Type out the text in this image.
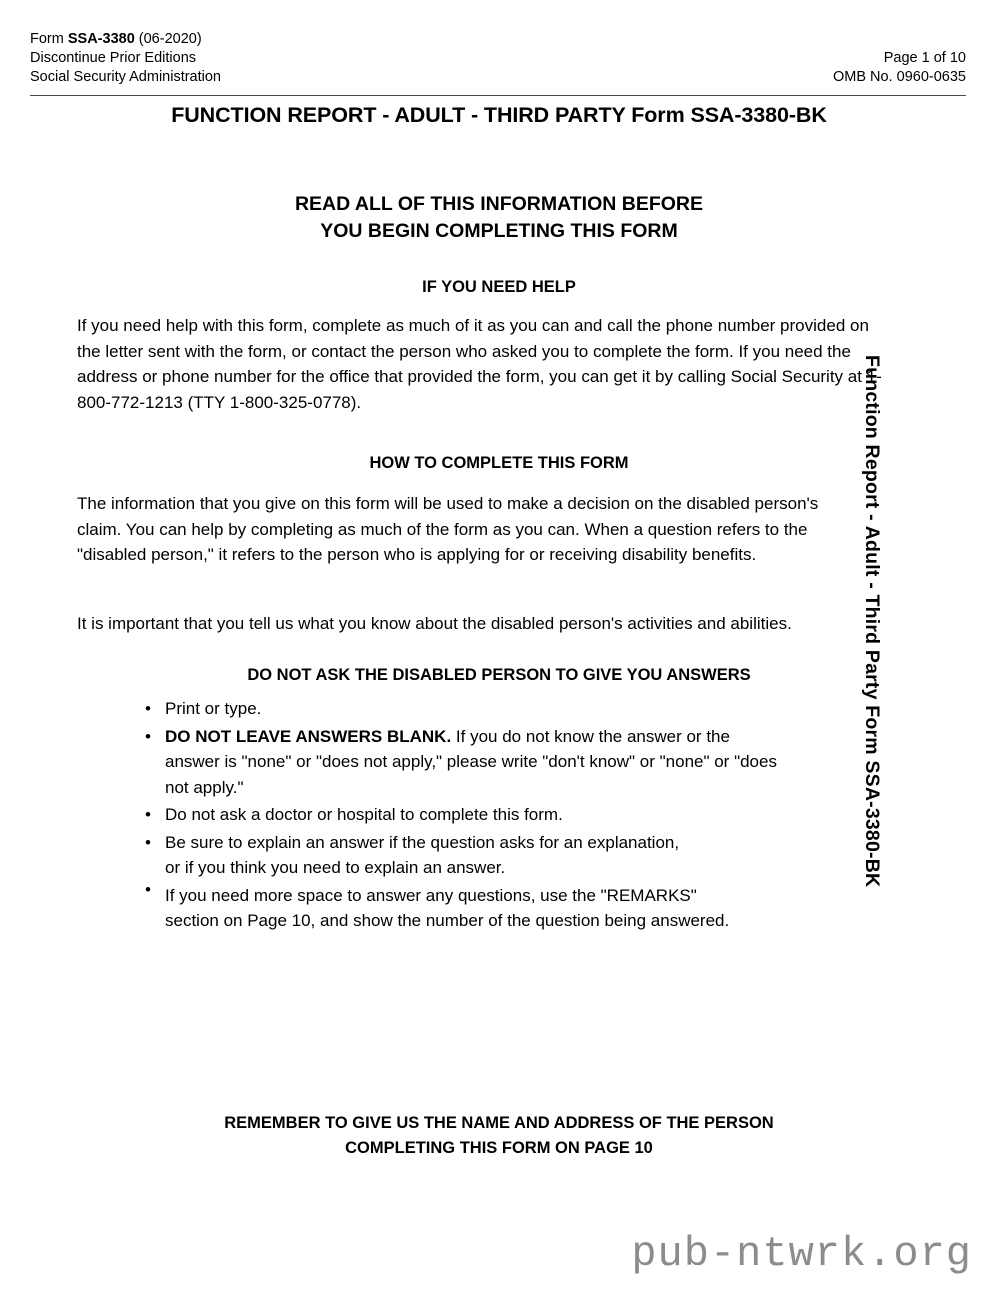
Form SSA-3380 (06-2020)
Discontinue Prior Editions	Page 1 of 10
Social Security Administration	OMB No. 0960-0635
FUNCTION REPORT - ADULT - THIRD PARTY Form SSA-3380-BK
READ ALL OF THIS INFORMATION BEFORE
YOU BEGIN COMPLETING THIS FORM
IF YOU NEED HELP
If you need help with this form, complete as much of it as you can and call the phone number provided on the letter sent with the form, or contact the person who asked you to complete the form. If you need the address or phone number for the office that provided the form, you can get it by calling Social Security at 1-800-772-1213 (TTY 1-800-325-0778).
HOW TO COMPLETE THIS FORM
The information that you give on this form will be used to make a decision on the disabled person's claim. You can help by completing as much of the form as you can. When a question refers to the "disabled person," it refers to the person who is applying for or receiving disability benefits.
It is important that you tell us what you know about the disabled person's activities and abilities.
DO NOT ASK THE DISABLED PERSON TO GIVE YOU ANSWERS
• Print or type.
• DO NOT LEAVE ANSWERS BLANK. If you do not know the answer or the
answer is "none" or "does not apply," please write "don't know" or "none" or "does
not apply."
• Do not ask a doctor or hospital to complete this form.
• Be sure to explain an answer if the question asks for an explanation,
or if you think you need to explain an answer.
• If you need more space to answer any questions, use the "REMARKS"
section on Page 10, and show the number of the question being answered.
REMEMBER TO GIVE US THE NAME AND ADDRESS OF THE PERSON
COMPLETING THIS FORM ON PAGE 10
Function Report - Adult - Third Party Form SSA-3380-BK
pub-ntwrk.org
